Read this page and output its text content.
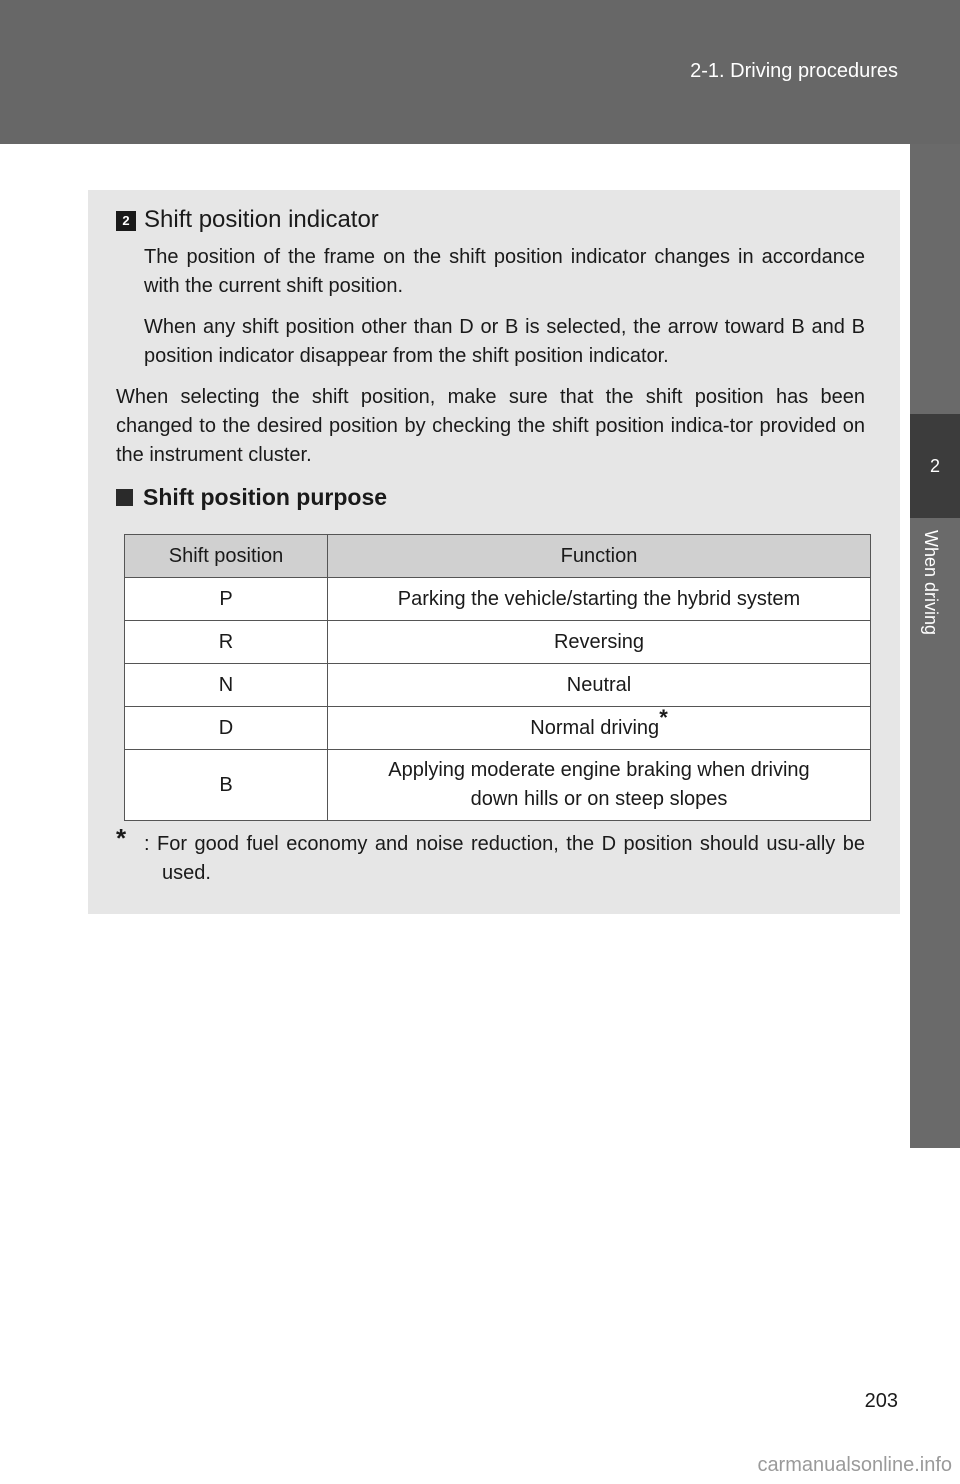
2-1. Driving procedures
2
When driving
2 Shift position indicator
The position of the frame on the shift position indicator changes in accordance with the current shift position.
When any shift position other than D or B is selected, the arrow toward B and B position indicator disappear from the shift position indicator.
When selecting the shift position, make sure that the shift position has been changed to the desired position by checking the shift position indica-tor provided on the instrument cluster.
Shift position purpose
Shift position	Function
P	Parking the vehicle/starting the hybrid system
R	Reversing
N	Neutral
D	Normal driving*
B	Applying moderate engine braking when driving
down hills or on steep slopes
* : For good fuel economy and noise reduction, the D position should usu-ally be used.
203
carmanualsonline.info
